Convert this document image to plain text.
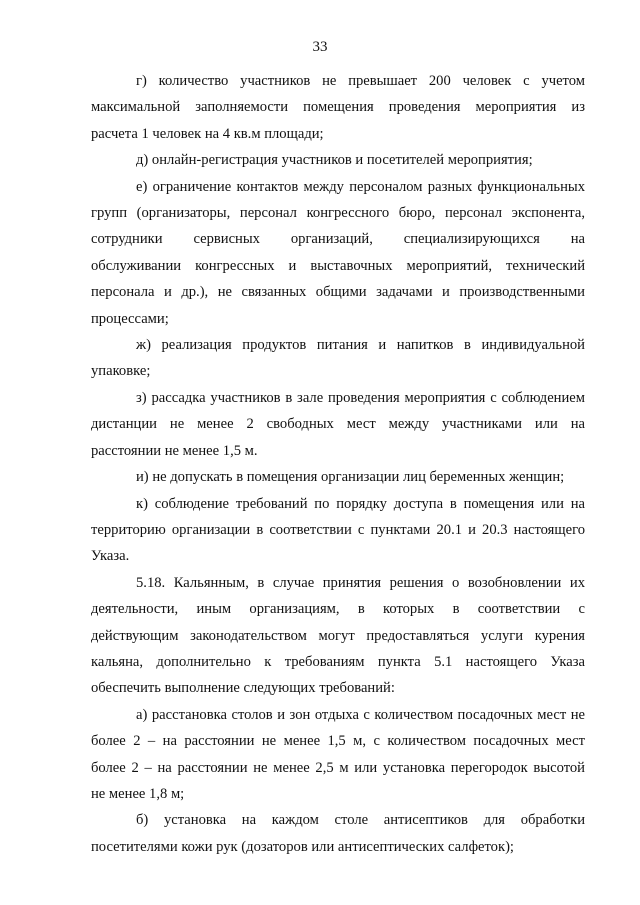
33

г) количество участников не превышает 200 человек с учетом
максимальной заполняемости помещения проведения мероприятия из
расчета 1 человек на 4 кв.м площади;

д) онлайн-регистрация участников и посетителей мероприятия;

е) ограничение контактов между персоналом разных функциональных
групп (организаторы, персонал конгрессного бюро, персонал экспонента,
сотрудники сервисных организаций, специализирующихся на
обслуживании конгрессных и выставочных мероприятий, технический
персонала и др.), не связанных общими задачами и производственными
процессами;

ж) реализация продуктов питания и напитков в индивидуальной
упаковке;

з) рассадка участников в зале проведения мероприятия с соблюдением
дистанции не менее 2 свободных мест между участниками или на
расстоянии не менее 1,5 м.

и) не допускать в помещения организации лиц беременных женщин;

к) соблюдение требований по порядку доступа в помещения или на
территорию организации в соответствии с пунктами 20.1 и 20.3 настоящего
Указа.

5.18. Кальянным, в случае принятия решения о возобновлении их
деятельности, иным организациям, в которых в соответствии с
действующим законодательством могут предоставляться услуги курения
кальяна, дополнительно к требованиям пункта 5.1 настоящего Указа
обеспечить выполнение следующих требований:

а) расстановка столов и зон отдыха с количеством посадочных мест не
более 2 – на расстоянии не менее 1,5 м, с количеством посадочных мест
более 2 – на расстоянии не менее 2,5 м или установка перегородок высотой
не менее 1,8 м;

б) установка на каждом столе антисептиков для обработки
посетителями кожи рук (дозаторов или антисептических салфеток);
